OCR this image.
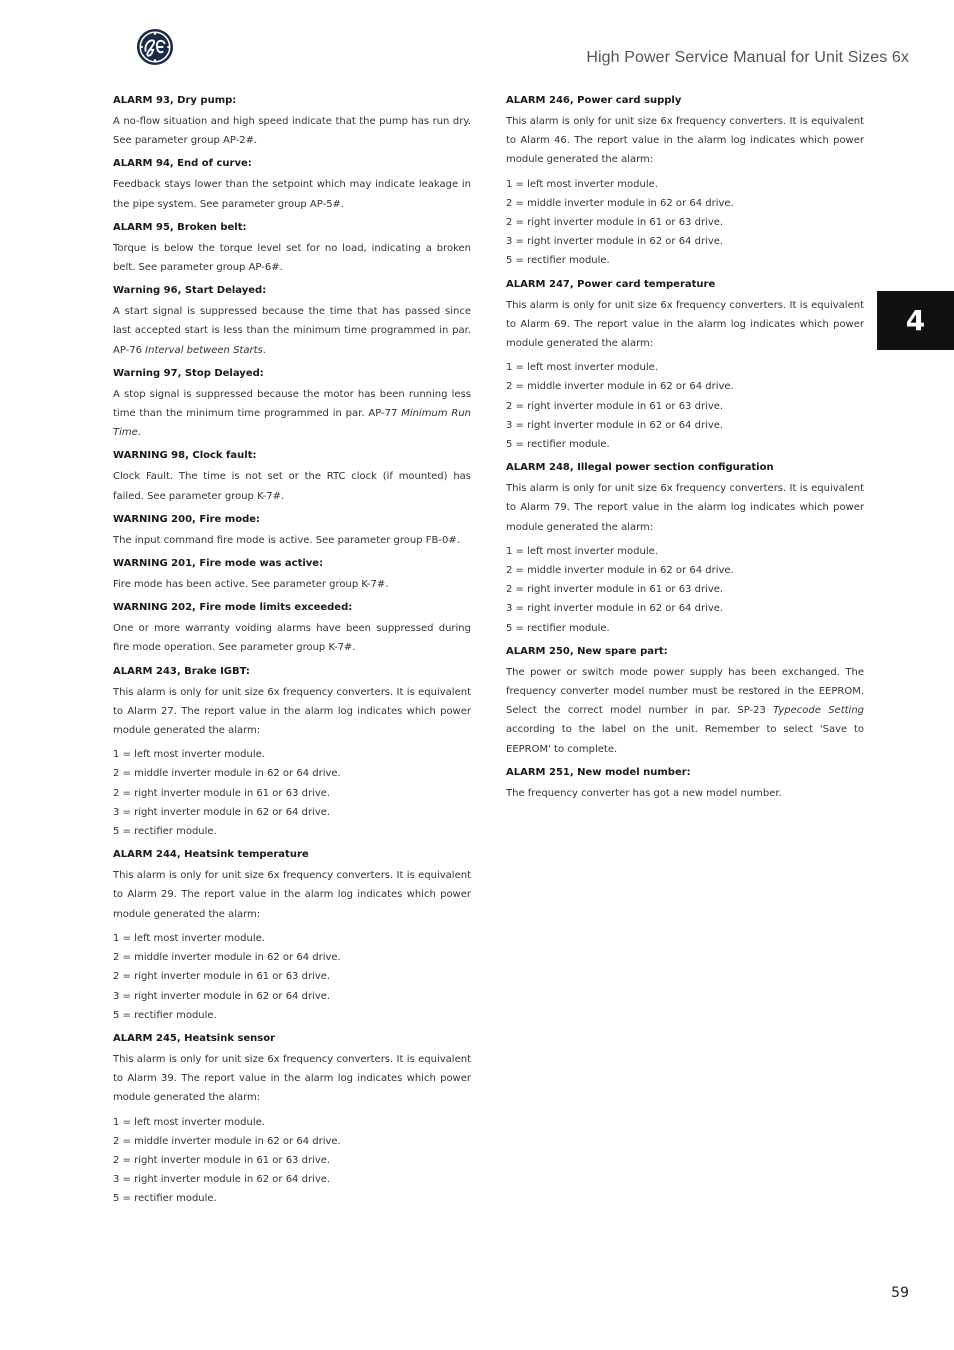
High Power Service Manual for Unit Sizes 6x
4
59
ALARM 93, Dry pump:
A no-flow situation and high speed indicate that the pump has run dry. See parameter group AP-2#.
ALARM 94, End of curve:
Feedback stays lower than the setpoint which may indicate leakage in the pipe system. See parameter group AP-5#.
ALARM 95, Broken belt:
Torque is below the torque level set for no load, indicating a broken belt. See parameter group AP-6#.
Warning 96, Start Delayed:
A start signal is suppressed because the time that has passed since last accepted start is less than the minimum time programmed in par. AP-76 Interval between Starts.
Warning 97, Stop Delayed:
A stop signal is suppressed because the motor has been running less time than the minimum time programmed in par. AP-77 Minimum Run Time.
WARNING 98, Clock fault:
Clock Fault. The time is not set or the RTC clock (if mounted) has failed. See parameter group K-7#.
WARNING 200, Fire mode:
The input command fire mode is active. See parameter group FB-0#.
WARNING 201, Fire mode was active:
Fire mode has been active. See parameter group K-7#.
WARNING 202, Fire mode limits exceeded:
One or more warranty voiding alarms have been suppressed during fire mode operation. See parameter group K-7#.
ALARM 243, Brake IGBT:
This alarm is only for unit size 6x frequency converters. It is equivalent to Alarm 27. The report value in the alarm log indicates which power module generated the alarm:
1 = left most inverter module.
2 = middle inverter module in 62 or 64 drive.
2 = right inverter module in 61 or 63 drive.
3 = right inverter module in 62 or 64 drive.
5 = rectifier module.
ALARM 244, Heatsink temperature
This alarm is only for unit size 6x frequency converters. It is equivalent to Alarm 29. The report value in the alarm log indicates which power module generated the alarm:
1 = left most inverter module.
2 = middle inverter module in 62 or 64 drive.
2 = right inverter module in 61 or 63 drive.
3 = right inverter module in 62 or 64 drive.
5 = rectifier module.
ALARM 245, Heatsink sensor
This alarm is only for unit size 6x frequency converters. It is equivalent to Alarm 39. The report value in the alarm log indicates which power module generated the alarm:
1 = left most inverter module.
2 = middle inverter module in 62 or 64 drive.
2 = right inverter module in 61 or 63 drive.
3 = right inverter module in 62 or 64 drive.
5 = rectifier module.
ALARM 246, Power card supply
This alarm is only for unit size 6x frequency converters. It is equivalent to Alarm 46. The report value in the alarm log indicates which power module generated the alarm:
1 = left most inverter module.
2 = middle inverter module in 62 or 64 drive.
2 = right inverter module in 61 or 63 drive.
3 = right inverter module in 62 or 64 drive.
5 = rectifier module.
ALARM 247, Power card temperature
This alarm is only for unit size 6x frequency converters. It is equivalent to Alarm 69. The report value in the alarm log indicates which power module generated the alarm:
1 = left most inverter module.
2 = middle inverter module in 62 or 64 drive.
2 = right inverter module in 61 or 63 drive.
3 = right inverter module in 62 or 64 drive.
5 = rectifier module.
ALARM 248, Illegal power section configuration
This alarm is only for unit size 6x frequency converters. It is equivalent to Alarm 79. The report value in the alarm log indicates which power module generated the alarm:
1 = left most inverter module.
2 = middle inverter module in 62 or 64 drive.
2 = right inverter module in 61 or 63 drive.
3 = right inverter module in 62 or 64 drive.
5 = rectifier module.
ALARM 250, New spare part:
The power or switch mode power supply has been exchanged. The frequency converter model number must be restored in the EEPROM. Select the correct model number in par. SP-23 Typecode Setting according to the label on the unit. Remember to select 'Save to EEPROM' to complete.
ALARM 251, New model number:
The frequency converter has got a new model number.
